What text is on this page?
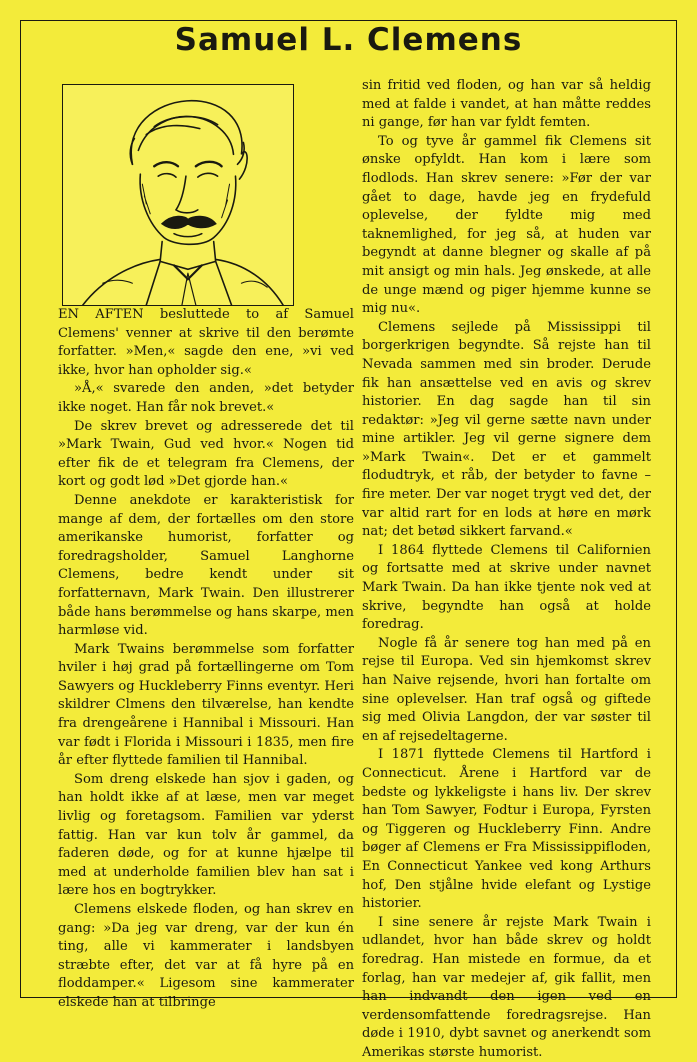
Samuel L. Clemens

EN AFTEN besluttede to af Samuel Clemens' venner at skrive til den berømte forfatter. »Men,« sagde den ene, »vi ved ikke, hvor han opholder sig.«

»Å,« svarede den anden, »det betyder ikke noget. Han får nok brevet.«

De skrev brevet og adresserede det til »Mark Twain, Gud ved hvor.« Nogen tid efter fik de et telegram fra Clemens, der kort og godt lød »Det gjorde han.«

Denne anekdote er karakteristisk for mange af dem, der fortælles om den store amerikanske humorist, forfatter og foredragsholder, Samuel Langhorne Clemens, bedre kendt under sit forfatternavn, Mark Twain. Den illustrerer både hans berømmelse og hans skarpe, men harmløse vid.

Mark Twains berømmelse som forfatter hviler i høj grad på fortællingerne om Tom Sawyers og Huckleberry Finns eventyr. Heri skildrer Clmens den tilværelse, han kendte fra drengeårene i Hannibal i Missouri. Han var født i Florida i Missouri i 1835, men fire år efter flyttede familien til Hannibal.

Som dreng elskede han sjov i gaden, og han holdt ikke af at læse, men var meget livlig og foretagsom. Familien var yderst fattig. Han var kun tolv år gammel, da faderen døde, og for at kunne hjælpe til med at underholde familien blev han sat i lære hos en bogtrykker.

Clemens elskede floden, og han skrev en gang: »Da jeg var dreng, var der kun én ting, alle vi kammerater i landsbyen stræbte efter, det var at få hyre på en floddamper.« Ligesom sine kammerater elskede han at tilbringe

sin fritid ved floden, og han var så heldig med at falde i vandet, at han måtte reddes ni gange, før han var fyldt femten.

To og tyve år gammel fik Clemens sit ønske opfyldt. Han kom i lære som flodlods. Han skrev senere: »Før der var gået to dage, havde jeg en frydefuld oplevelse, der fyldte mig med taknemlighed, for jeg så, at huden var begyndt at danne blegner og skalle af på mit ansigt og min hals. Jeg ønskede, at alle de unge mænd og piger hjemme kunne se mig nu«.

Clemens sejlede på Mississippi til borgerkrigen begyndte. Så rejste han til Nevada sammen med sin broder. Derude fik han ansættelse ved en avis og skrev historier. En dag sagde han til sin redaktør: »Jeg vil gerne sætte navn under mine artikler. Jeg vil gerne signere dem »Mark Twain«. Det er et gammelt flodudtryk, et råb, der betyder to favne – fire meter. Der var noget trygt ved det, der var altid rart for en lods at høre en mørk nat; det betød sikkert farvand.«

I 1864 flyttede Clemens til Californien og fortsatte med at skrive under navnet Mark Twain. Da han ikke tjente nok ved at skrive, begyndte han også at holde foredrag.

Nogle få år senere tog han med på en rejse til Europa. Ved sin hjemkomst skrev han Naive rejsende, hvori han fortalte om sine oplevelser. Han traf også og giftede sig med Olivia Langdon, der var søster til en af rejsedeltagerne.

I 1871 flyttede Clemens til Hartford i Connecticut. Årene i Hartford var de bedste og lykkeligste i hans liv. Der skrev han Tom Sawyer, Fodtur i Europa, Fyrsten og Tiggeren og Huckleberry Finn. Andre bøger af Clemens er Fra Mississippifloden, En Connecticut Yankee ved kong Arthurs hof, Den stjålne hvide elefant og Lystige historier.

I sine senere år rejste Mark Twain i udlandet, hvor han både skrev og holdt foredrag. Han mistede en formue, da et forlag, han var medejer af, gik fallit, men han indvandt den igen ved en verdensomfattende foredragsrejse. Han døde i 1910, dybt savnet og anerkendt som Amerikas største humorist.
